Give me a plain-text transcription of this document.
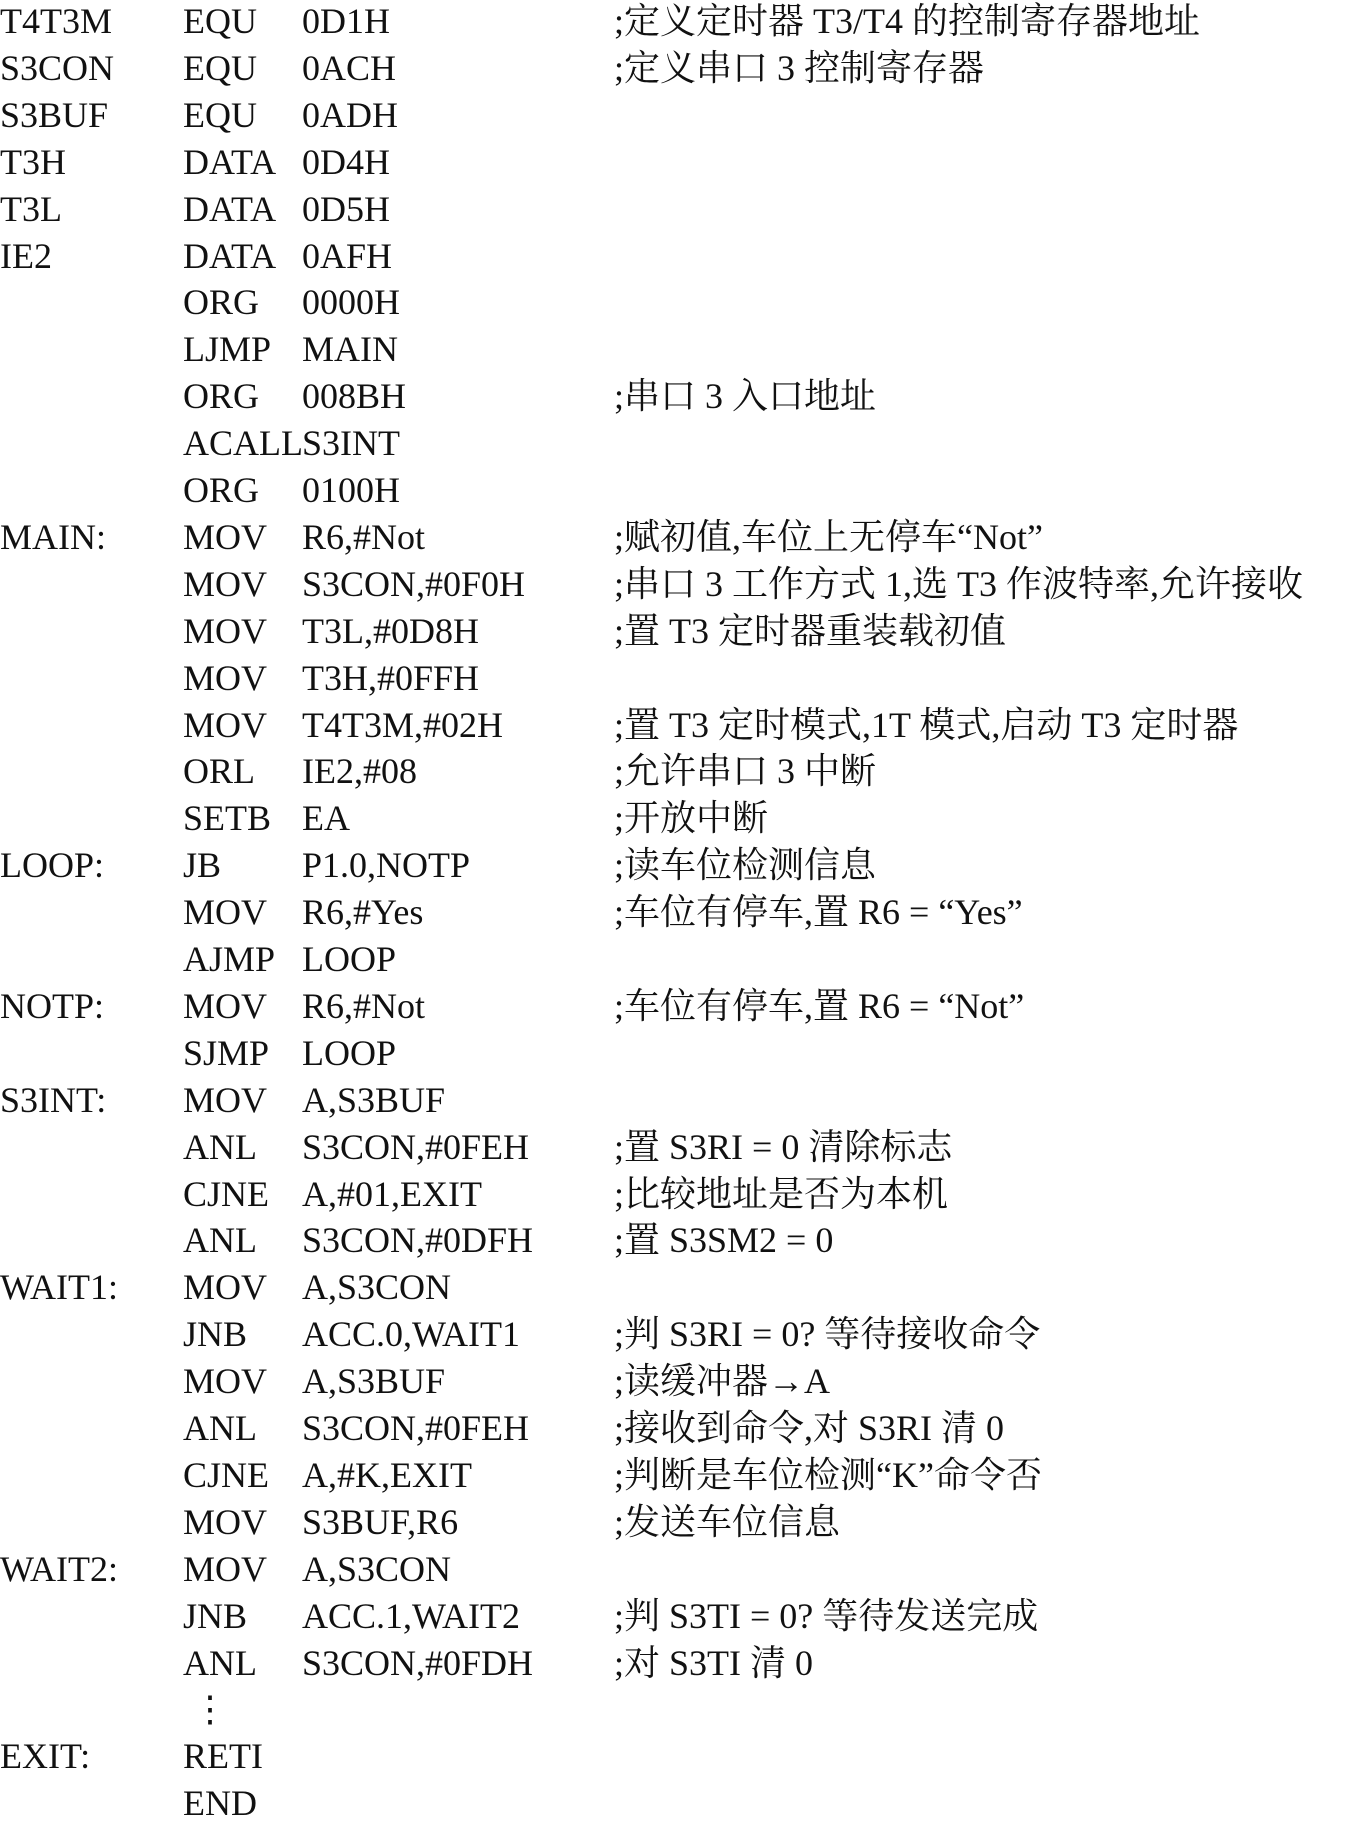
T4T3M EQU 0D1H	;定义定时器 T3/T4 的控制寄存器地址
S3CON EQU 0ACH	;定义串口 3 控制寄存器
S3BUF EQU 0ADH
T3H	DATA 0D4H
T3L	DATA 0D5H
IE2	DATA 0AFH
ORG 0000H
LJMP MAIN
ORG 008BH	;串口 3 入口地址
ACALL S3INT
ORG 0100H
MAIN: MOV R6,#Not	;赋初值,车位上无停车“Not”
MOV S3CON,#0F0H ;串口 3 工作方式 1,选 T3 作波特率,允许接收
MOV T3L,#0D8H	;置 T3 定时器重装载初值
MOV T3H,#0FFH
MOV T4T3M,#02H	;置 T3 定时模式,1T 模式,启动 T3 定时器
ORL IE2,#08	;允许串口 3 中断
SETB EA	;开放中断
LOOP: JB P1.0,NOTP	;读车位检测信息
MOV R6,#Yes	;车位有停车,置 R6 = “Yes”
AJMP LOOP
NOTP: MOV R6,#Not	;车位有停车,置 R6 = “Not”
SJMP LOOP
S3INT: MOV A,S3BUF
ANL S3CON,#0FEH ;置 S3RI = 0 清除标志
CJNE A,#01,EXIT	;比较地址是否为本机
ANL S3CON,#0DFH ;置 S3SM2 = 0
WAIT1: MOV A,S3CON
JNB ACC.0,WAIT1	;判 S3RI = 0? 等待接收命令
MOV A,S3BUF	;读缓冲器→A
ANL S3CON,#0FEH ;接收到命令,对 S3RI 清 0
CJNE A,#K,EXIT	;判断是车位检测“K”命令否
MOV S3BUF,R6	;发送车位信息
WAIT2: MOV A,S3CON
JNB ACC.1,WAIT2	;判 S3TI = 0? 等待发送完成
ANL S3CON,#0FDH ;对 S3TI 清 0
⋮
EXIT:	RETI
END
